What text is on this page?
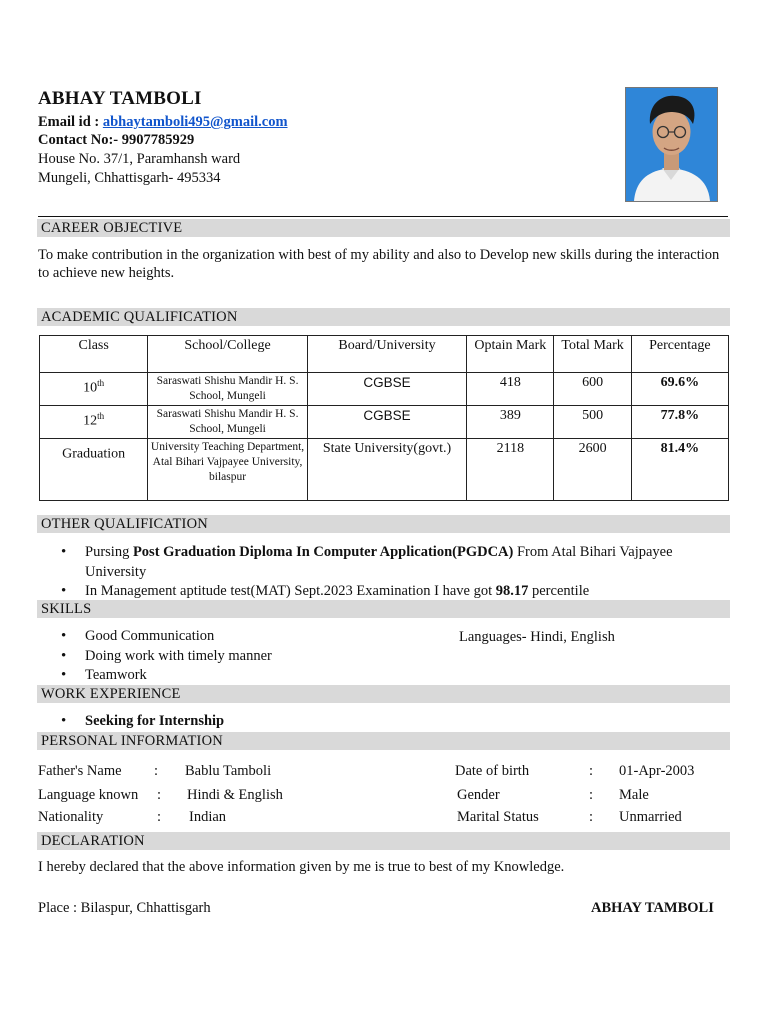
ABHAY TAMBOLI
Email id : abhaytamboli495@gmail.com
Contact No:- 9907785929
House No. 37/1, Paramhansh ward
Mungeli, Chhattisgarh- 495334
CAREER OBJECTIVE
To make contribution in the organization with best of my ability and also to Develop new skills during the interaction to achieve new heights.
ACADEMIC QUALIFICATION
Class	School/College	Board/University	Optain Mark	Total Mark	Percentage
10th	Saraswati Shishu Mandir H. S. School, Mungeli	CGBSE	418	600	69.6%
12th	Saraswati Shishu Mandir H. S. School, Mungeli	CGBSE	389	500	77.8%
Graduation	University Teaching Department, Atal Bihari Vajpayee University, bilaspur	State University(govt.)	2118	2600	81.4%
OTHER QUALIFICATION
• Pursing Post Graduation Diploma In Computer Application(PGDCA) From Atal Bihari Vajpayee University
• In Management aptitude test(MAT) Sept.2023 Examination I have got 98.17 percentile
SKILLS
• Good Communication
• Doing work with timely manner
• Teamwork
Languages- Hindi, English
WORK EXPERIENCE
• Seeking for Internship
PERSONAL INFORMATION
Father's Name : Bablu Tamboli	Date of birth	: 01-Apr-2003
Language known : Hindi & English	Gender	: Male
Nationality	: Indian	Marital Status	: Unmarried
DECLARATION
I hereby declared that the above information given by me is true to best of my Knowledge.
Place : Bilaspur, Chhattisgarh	ABHAY TAMBOLI
